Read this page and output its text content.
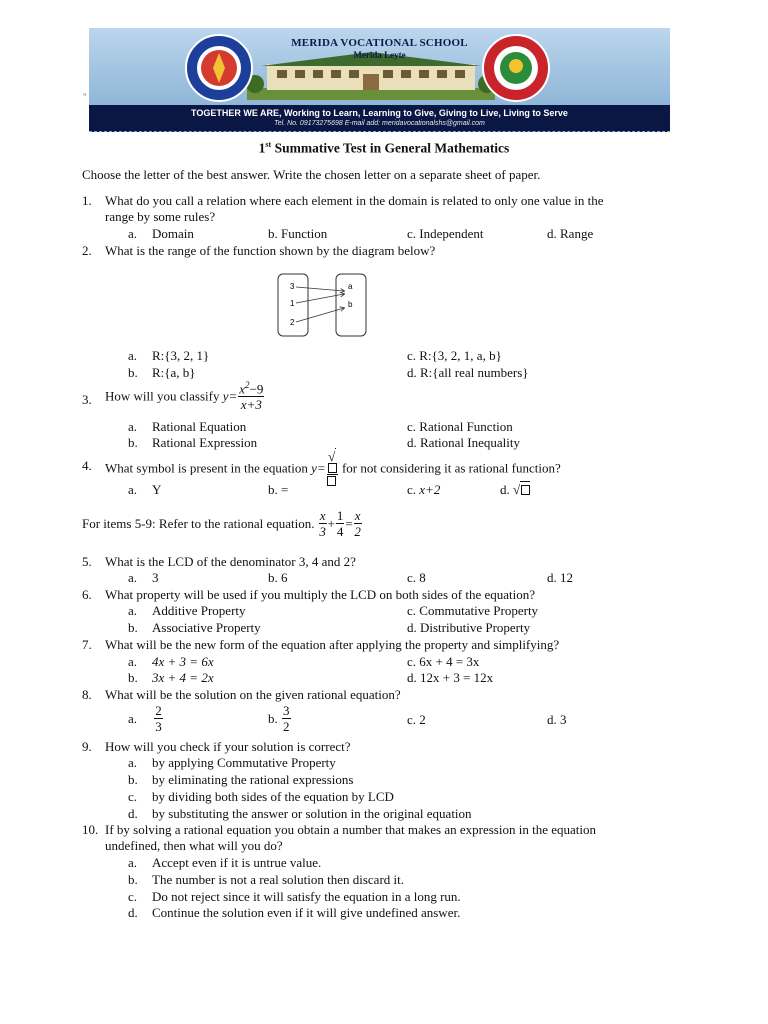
MERIDA VOCATIONAL SCHOOL
Merida Leyte
TOGETHER WE ARE, Working to Learn, Learning to Give, Giving to Live, Living to Serve
Tel. No. 09173275698 E-mail add: meridavocationalshs@gmail.com
"
1st Summative Test in General Mathematics
Choose the letter of the best answer. Write the chosen letter on a separate sheet of paper.
1. What do you call a relation where each element in the domain is related to only one value in the
range by some rules?
a. Domain	b. Function	c. Independent	d. Range
2. What is the range of the function shown by the diagram below?
3
1
2
a
b
a. R:{3, 2, 1}	c. R:{3, 2, 1, a, b}
b. R:{a, b}	d. R:{all real numbers}
3. How will you classify $y= \frac{x^2-9}{x+3}$
a. Rational Equation	c. Rational Function
b. Rational Expression	d. Rational Inequality
4. What symbol is present in the equation y=
√
for not considering it as rational function?
a. Y	b. =	c. x+2	d. √
For items 5-9: Refer to the rational equation. $\frac{x}{3} + \frac{1}{4} = \frac{x}{2}$
5. What is the LCD of the denominator 3, 4 and 2?
a. 3	b. 6	c. 8	d. 12
6. What property will be used if you multiply the LCD on both sides of the equation?
a. Additive Property	c. Commutative Property
b. Associative Property	d. Distributive Property
7. What will be the new form of the equation after applying the property and simplifying?
a. 4x + 3 = 6x	c. 6x + 4 = 3x
b. 3x + 4 = 2x	d. 12x + 3 = 12x
8. What will be the solution on the given rational equation?
a. $\frac{2}{3}$	b. $\frac{3}{2}$	c. 2	d. 3
9. How will you check if your solution is correct?
a. by applying Commutative Property
b. by eliminating the rational expressions
c. by dividing both sides of the equation by LCD
d. by substituting the answer or solution in the original equation
10. If by solving a rational equation you obtain a number that makes an expression in the equation
undefined, then what will you do?
a. Accept even if it is untrue value.
b. The number is not a real solution then discard it.
c. Do not reject since it will satisfy the equation in a long run.
d. Continue the solution even if it will give undefined answer.
